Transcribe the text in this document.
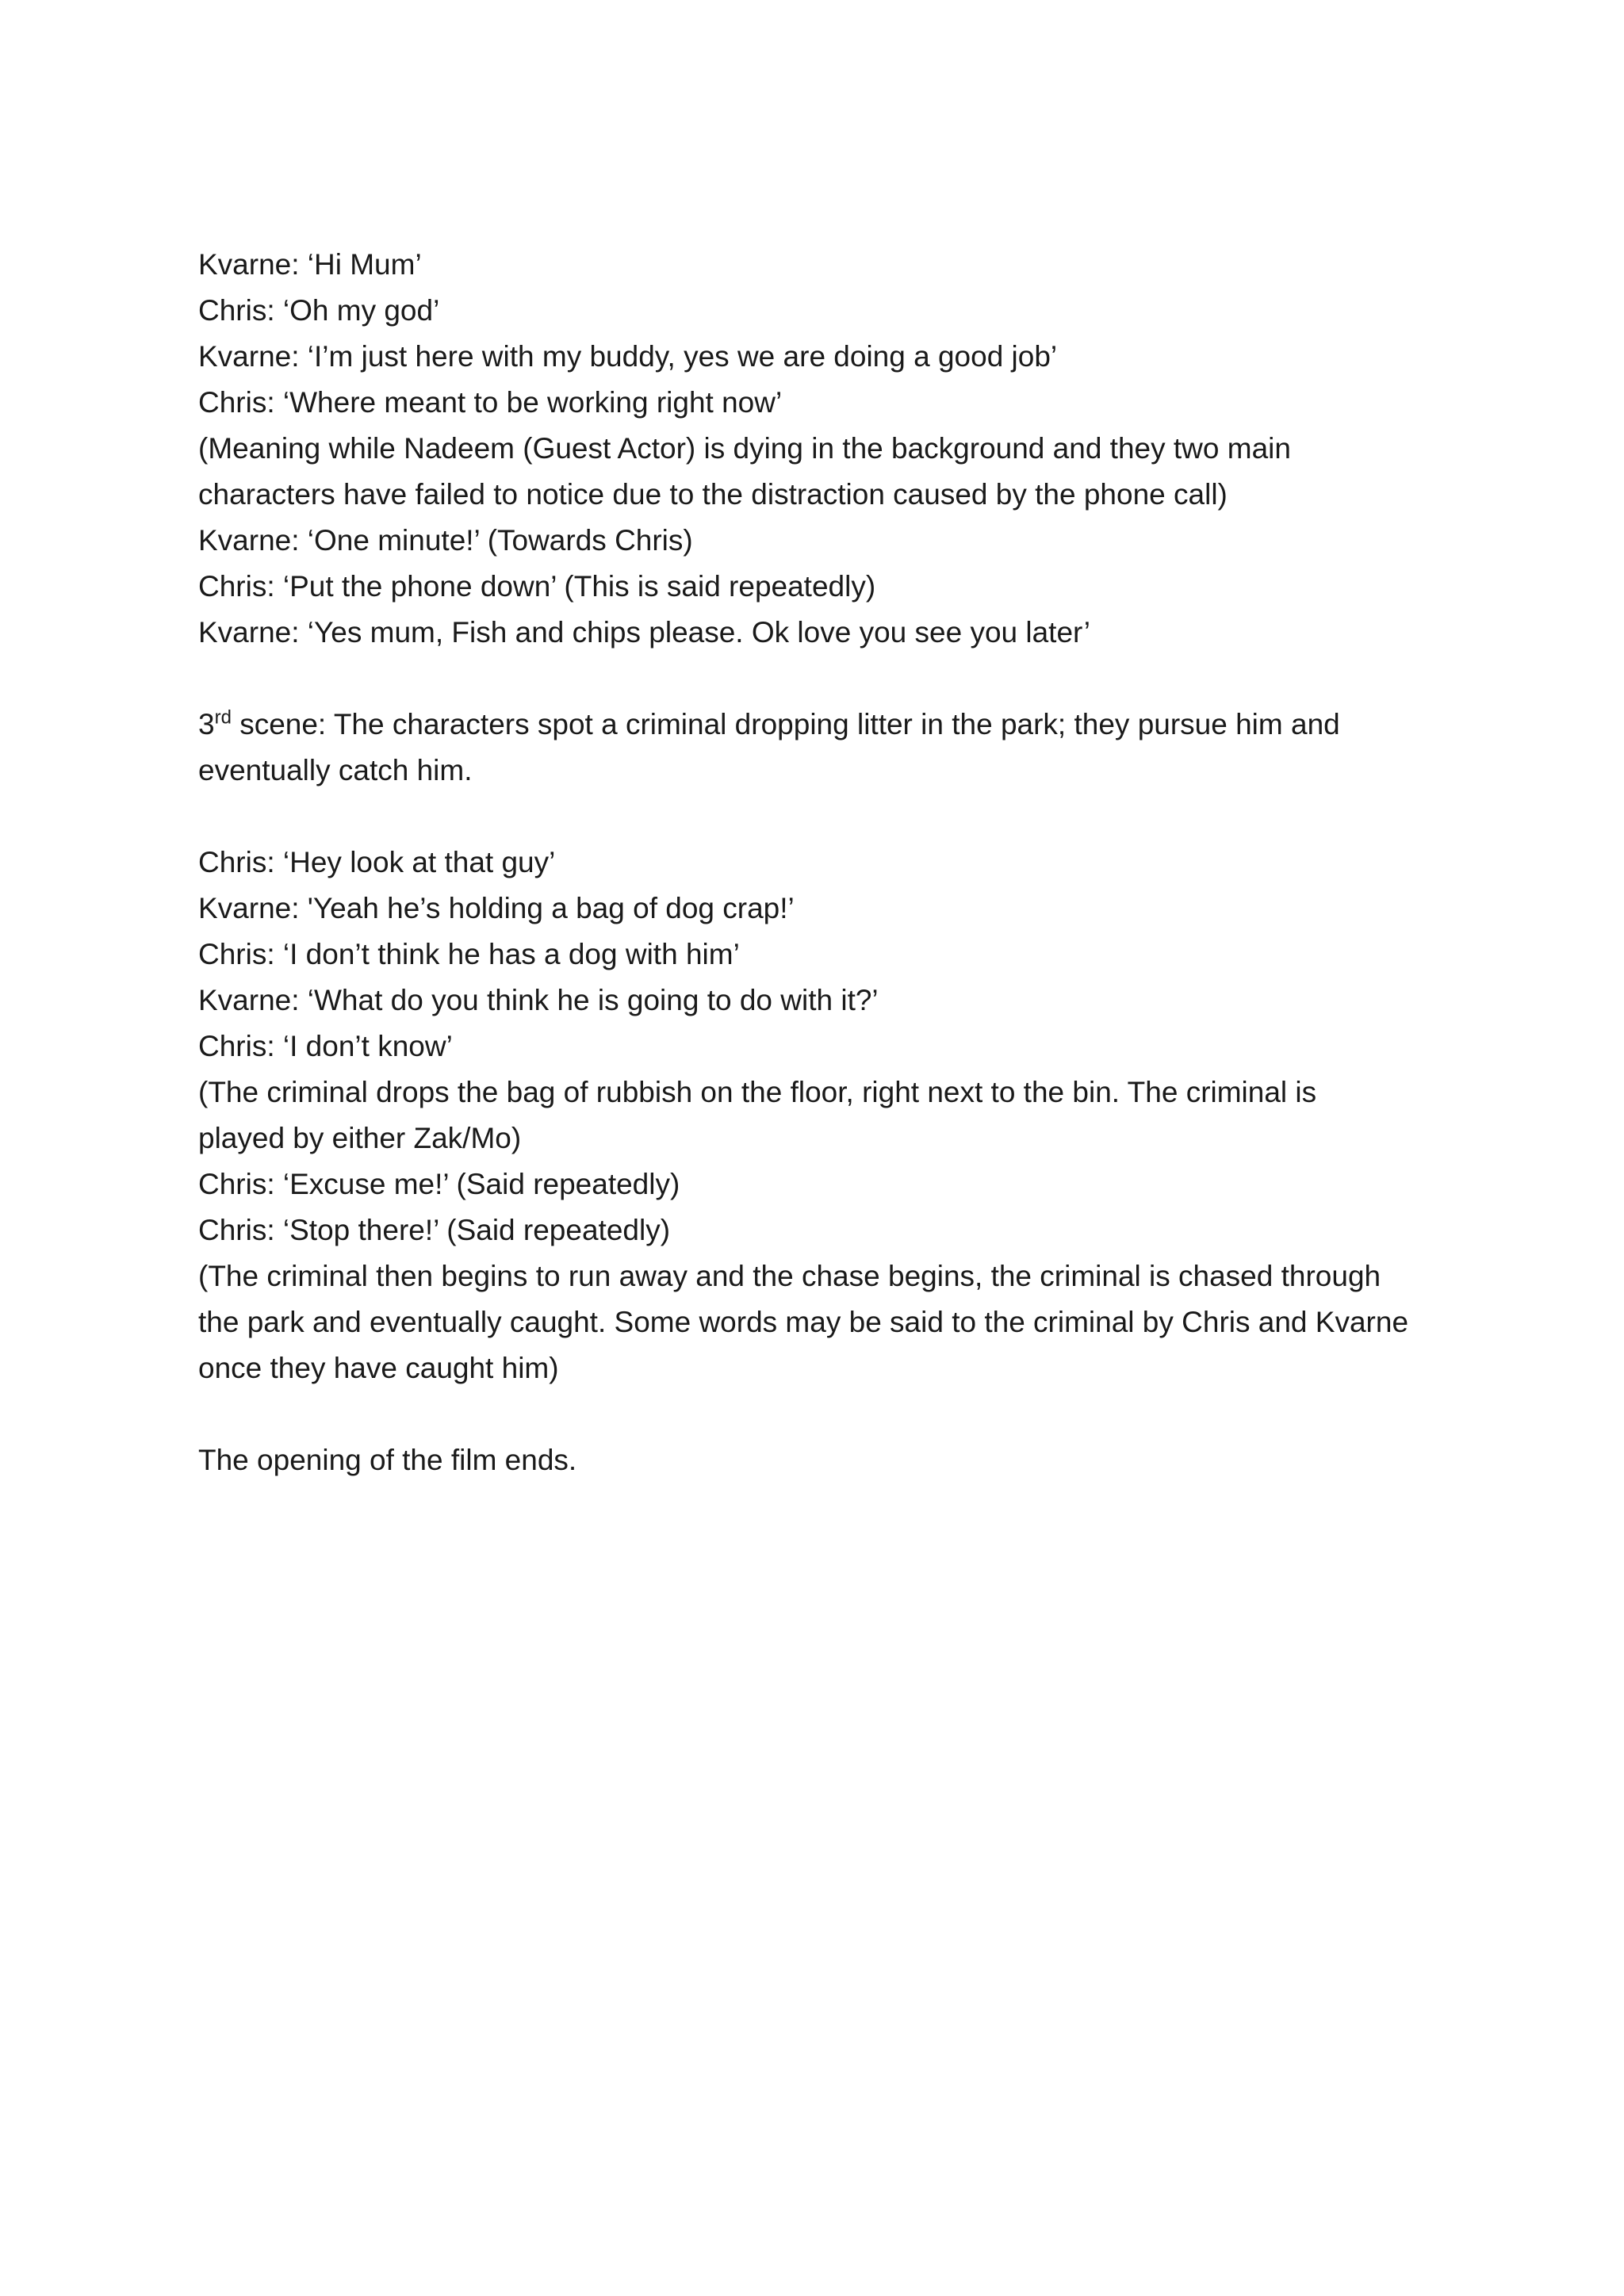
Kvarne: ‘Hi Mum’
Chris: ‘Oh my god’
Kvarne: ‘I’m just here with my buddy, yes we are doing a good job’
Chris: ‘Where meant to be working right now’
(Meaning while Nadeem (Guest Actor) is dying in the background and they two main
characters have failed to notice due to the distraction caused by the phone call)
Kvarne: ‘One minute!’ (Towards Chris)
Chris: ‘Put the phone down’ (This is said repeatedly)
Kvarne: ‘Yes mum, Fish and chips please. Ok love you see you later’
3rd scene: The characters spot a criminal dropping litter in the park; they pursue him and
eventually catch him.
Chris: ‘Hey look at that guy’
Kvarne: 'Yeah he’s holding a bag of dog crap!’
Chris: ‘I don’t think he has a dog with him’
Kvarne: ‘What do you think he is going to do with it?’
Chris: ‘I don’t know’
(The criminal drops the bag of rubbish on the floor, right next to the bin. The criminal is
played by either Zak/Mo)
Chris: ‘Excuse me!’ (Said repeatedly)
Chris: ‘Stop there!’ (Said repeatedly)
(The criminal then begins to run away and the chase begins, the criminal is chased through
the park and eventually caught. Some words may be said to the criminal by Chris and Kvarne
once they have caught him)
The opening of the film ends.
